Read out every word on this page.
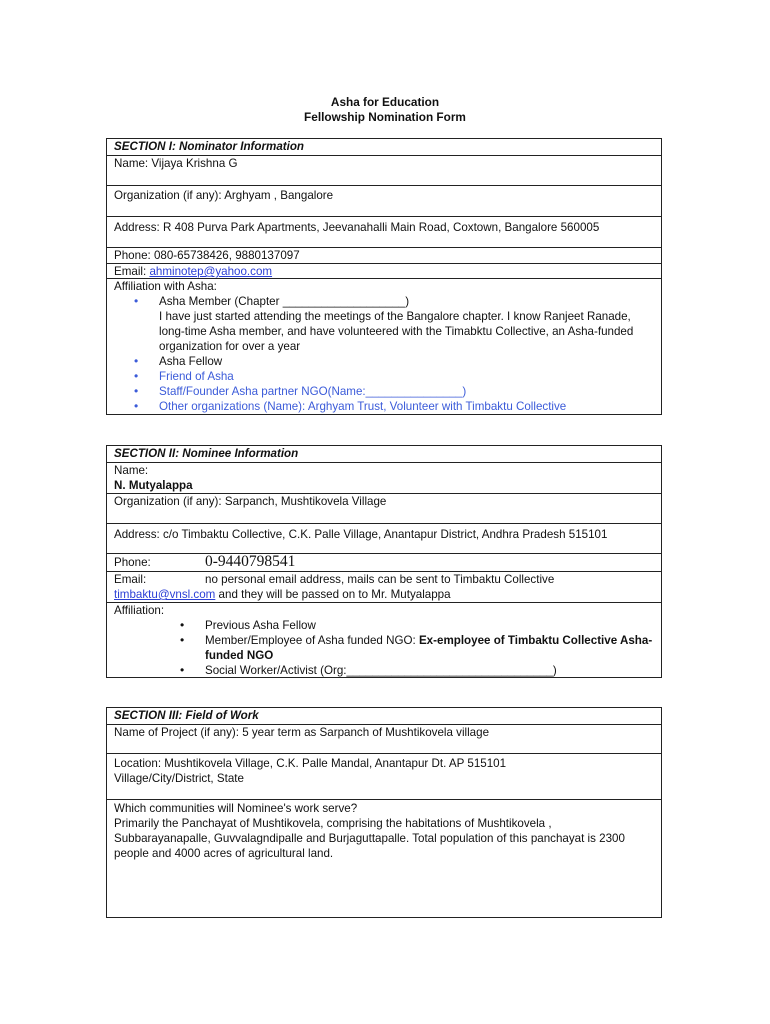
Asha for Education
Fellowship Nomination Form
SECTION I: Nominator Information
Name: Vijaya Krishna G
Organization (if any): Arghyam , Bangalore
Address: R 408 Purva Park Apartments, Jeevanahalli Main Road, Coxtown, Bangalore 560005
Phone: 080-65738426, 9880137097
Email: ahminotep@yahoo.com
Affiliation with Asha:
• Asha Member (Chapter ___________________)
I have just started attending the meetings of the Bangalore chapter. I know Ranjeet Ranade, long-time Asha member, and have volunteered with the Timabktu Collective, an Asha-funded organization for over a year
• Asha Fellow
• Friend of Asha
• Staff/Founder Asha partner NGO(Name:_______________)
• Other organizations (Name): Arghyam Trust, Volunteer with Timbaktu Collective
SECTION II: Nominee Information
Name:
N. Mutyalappa
Organization (if any): Sarpanch, Mushtikovela Village
Address: c/o Timbaktu Collective, C.K. Palle Village, Anantapur District, Andhra Pradesh 515101
Phone:	0-9440798541
Email:	no personal email address, mails can be sent to Timbaktu Collective
timbaktu@vnsl.com and they will be passed on to Mr. Mutyalappa
Affiliation:
• Previous Asha Fellow
• Member/Employee of Asha funded NGO: Ex-employee of Timbaktu Collective Asha-funded NGO
• Social Worker/Activist (Org:________________________________)
SECTION III: Field of Work
Name of Project (if any): 5 year term as Sarpanch of Mushtikovela village
Location: Mushtikovela Village, C.K. Palle Mandal, Anantapur Dt. AP 515101
Village/City/District, State
Which communities will Nominee's work serve?
Primarily the Panchayat of Mushtikovela, comprising the habitations of Mushtikovela , Subbarayanapalle, Guvvalagndipalle and Burjaguttapalle. Total population of this panchayat is 2300 people and 4000 acres of agricultural land.
